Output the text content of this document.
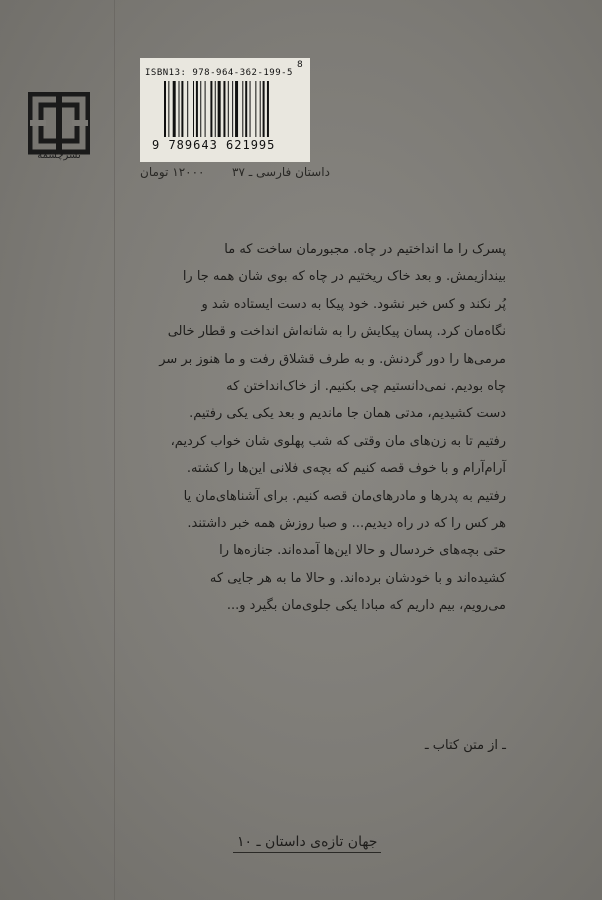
نشرچشمه
ISBN13: 978-964-362-199-5
8
9 789643 621995
۱۲۰۰۰ تومان داستان فارسی ـ ۳۷
پسرک را ما انداختیم در چاه. مجبورمان ساخت که ما
بیندازیمش. و بعد خاک ریختیم در چاه که بوی شان همه جا را
پُر نکند و کس خبر نشود. خود پیکا به دست ایستاده شد و
نگاه‌مان کرد. پسان پیکایش را به شانه‌اش انداخت و قطار خالی
مرمی‌ها را دور گردنش. و به طرف قشلاق رفت و ما هنوز بر سر
چاه بودیم. نمی‌دانستیم چی بکنیم. از خاک‌انداختن که
دست کشیدیم، مدتی همان جا ماندیم و بعد یکی یکی رفتیم.
رفتیم تا به زن‌های مان وقتی که شب پهلوی شان خواب کردیم،
آرام‌آرام و با خوف قصه کنیم که بچه‌ی فلانی این‌ها را کشته.
رفتیم به پدرها و مادرهای‌مان قصه کنیم. برای آشناهای‌مان یا
هر کس را که در راه دیدیم... و صبا روزش همه خبر داشتند.
حتی بچه‌های خردسال و حالا این‌ها آمده‌اند. جنازه‌ها را
کشیده‌اند و با خودشان برده‌اند. و حالا ما به هر جایی که
می‌رویم، بیم داریم که مبادا یکی جلوی‌مان بگیرد و...
ـ از متن کتاب ـ
جهان تازه‌ی داستان ـ ۱۰
